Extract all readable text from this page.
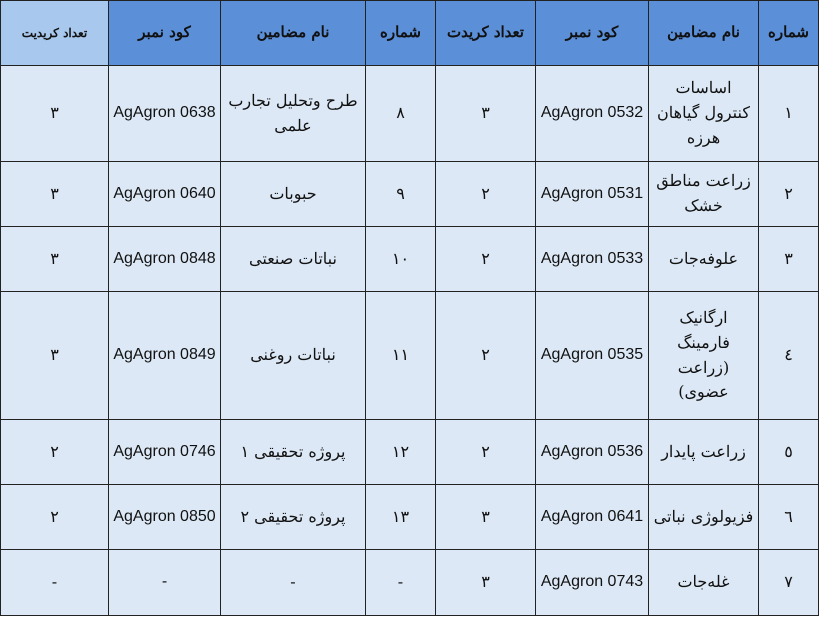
شماره	نام مضامین	کود نمبر	تعداد کریدت	شماره	نام مضامین	کود نمبر	تعداد کریدیت
١	اساسات کنترول گیاهان هرزه	AgAgron 0532	٣	٨	طرح وتحلیل تجارب علمی	AgAgron 0638	٣
٢	زراعت مناطق خشک	AgAgron 0531	٢	٩	حبوبات	AgAgron 0640	٣
٣	علوفه‌جات	AgAgron 0533	٢	١٠	نباتات صنعتی	AgAgron 0848	٣
٤	ارگانیک فارمینگ (زراعت عضوی)	AgAgron 0535	٢	١١	نباتات روغنی	AgAgron 0849	٣
٥	زراعت پایدار	AgAgron 0536	٢	١٢	پروژه تحقیقی ١	AgAgron 0746	٢
٦	فزیولوژی نباتی	AgAgron 0641	٣	١٣	پروژه تحقیقی ٢	AgAgron 0850	٢
٧	غله‌جات	AgAgron 0743	٣	-	-	-	-
